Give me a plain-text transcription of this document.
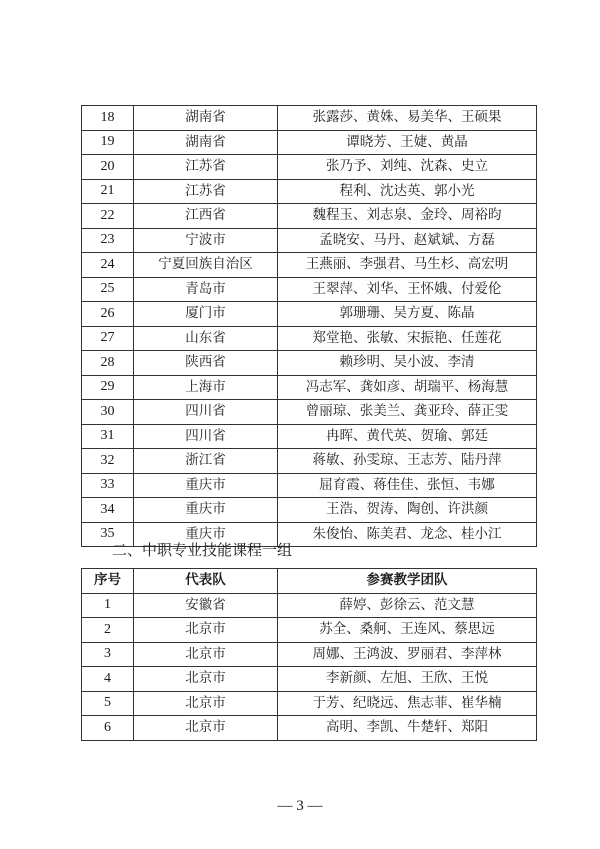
18	湖南省	张露莎、黄姝、易美华、王硕果
19	湖南省	谭晓芳、王婕、黄晶
20	江苏省	张乃予、刘纯、沈森、史立
21	江苏省	程利、沈达英、郭小光
22	江西省	魏程玉、刘志泉、金玲、周裕昀
23	宁波市	孟晓安、马丹、赵斌斌、方磊
24	宁夏回族自治区	王燕丽、李强君、马生杉、高宏明
25	青岛市	王翠萍、刘华、王怀娥、付爱伦
26	厦门市	郭珊珊、吴方夏、陈晶
27	山东省	郑堂艳、张敏、宋振艳、任莲花
28	陕西省	赖珍明、吴小波、李清
29	上海市	冯志军、龚如彦、胡瑞平、杨海慧
30	四川省	曾丽琼、张美兰、龚亚玲、薛正雯
31	四川省	冉晖、黄代英、贺瑜、郭廷
32	浙江省	蒋敏、孙雯琼、王志芳、陆丹萍
33	重庆市	屈育霞、蒋佳佳、张恒、韦娜
34	重庆市	王浩、贺涛、陶创、许洪颜
35	重庆市	朱俊怡、陈美君、龙念、桂小江
二、中职专业技能课程一组
序号	代表队	参赛教学团队
1	安徽省	薛婷、彭徐云、范文慧
2	北京市	苏全、桑舸、王连风、蔡思远
3	北京市	周娜、王鸿波、罗丽君、李萍林
4	北京市	李新颜、左旭、王欣、王悦
5	北京市	于芳、纪晓远、焦志菲、崔华楠
6	北京市	高明、李凯、牛楚轩、郑阳
— 3 —
